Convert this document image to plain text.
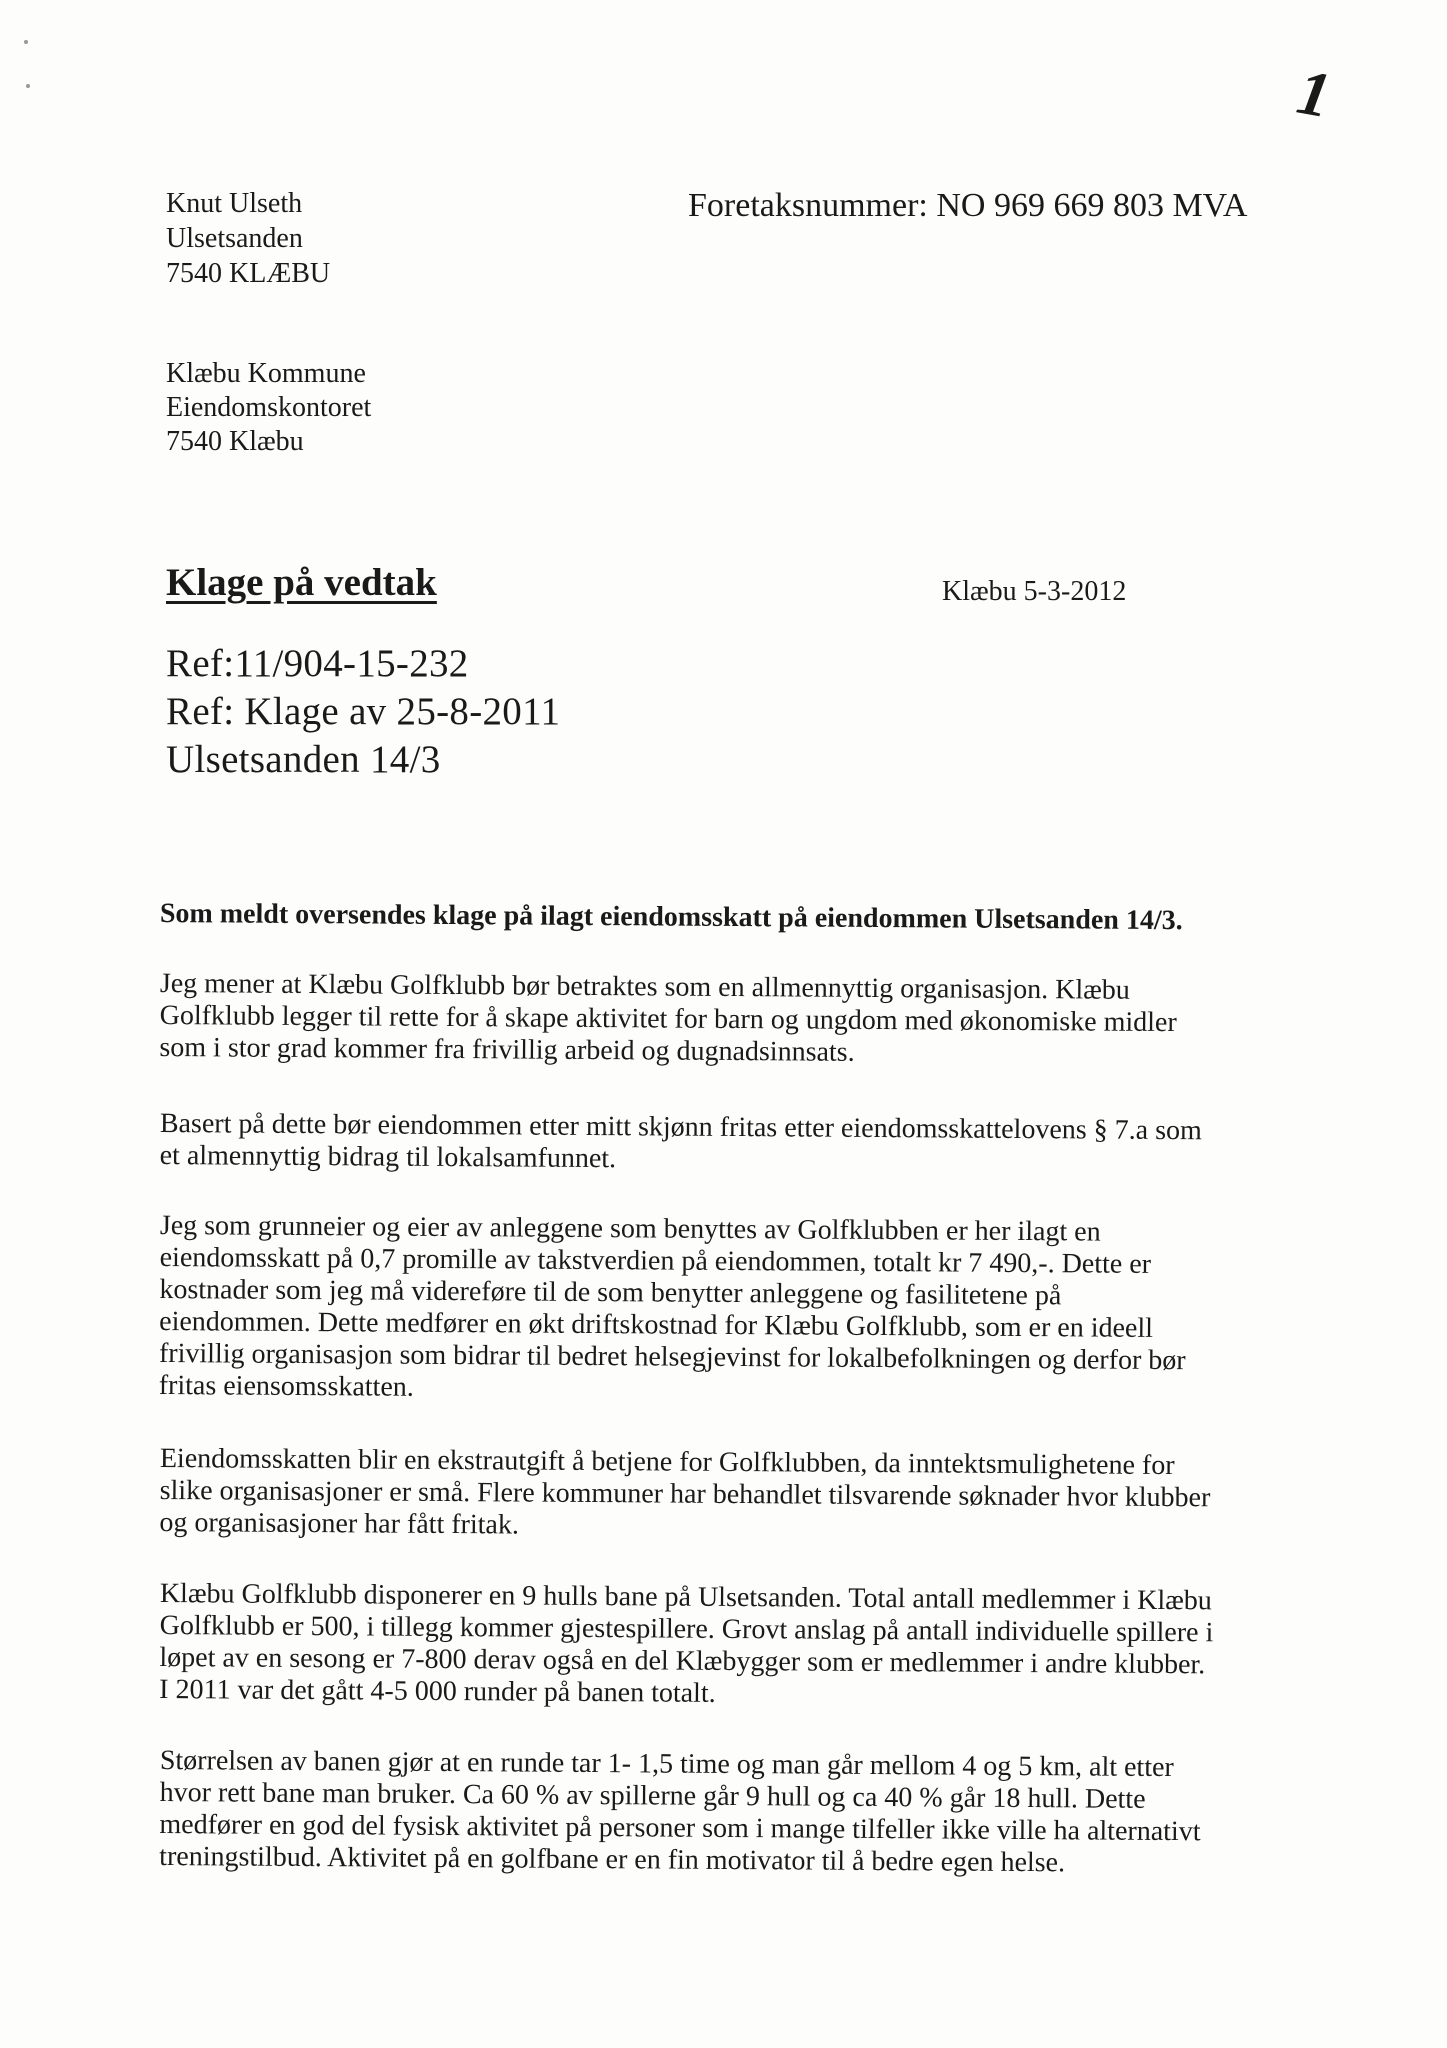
1
Knut Ulseth
Ulsetsanden
7540 KLÆBU
Foretaksnummer: NO 969 669 803 MVA
Klæbu Kommune
Eiendomskontoret
7540 Klæbu
Klage på vedtak	Klæbu 5-3-2012
Ref:11/904-15-232
Ref: Klage av 25-8-2011
Ulsetsanden 14/3
Som meldt oversendes klage på ilagt eiendomsskatt på eiendommen Ulsetsanden 14/3.
Jeg mener at Klæbu Golfklubb bør betraktes som en allmennyttig organisasjon. Klæbu
Golfklubb legger til rette for å skape aktivitet for barn og ungdom med økonomiske midler
som i stor grad kommer fra frivillig arbeid og dugnadsinnsats.
Basert på dette bør eiendommen etter mitt skjønn fritas etter eiendomsskattelovens § 7.a som
et almennyttig bidrag til lokalsamfunnet.
Jeg som grunneier og eier av anleggene som benyttes av Golfklubben er her ilagt en
eiendomsskatt på 0,7 promille av takstverdien på eiendommen, totalt kr 7 490,-. Dette er
kostnader som jeg må videreføre til de som benytter anleggene og fasilitetene på
eiendommen. Dette medfører en økt driftskostnad for Klæbu Golfklubb, som er en ideell
frivillig organisasjon som bidrar til bedret helsegjevinst for lokalbefolkningen og derfor bør
fritas eiensomsskatten.
Eiendomsskatten blir en ekstrautgift å betjene for Golfklubben, da inntektsmulighetene for
slike organisasjoner er små. Flere kommuner har behandlet tilsvarende søknader hvor klubber
og organisasjoner har fått fritak.
Klæbu Golfklubb disponerer en 9 hulls bane på Ulsetsanden. Total antall medlemmer i Klæbu
Golfklubb er 500, i tillegg kommer gjestespillere. Grovt anslag på antall individuelle spillere i
løpet av en sesong er 7-800 derav også en del Klæbygger som er medlemmer i andre klubber.
I 2011 var det gått 4-5 000 runder på banen totalt.
Størrelsen av banen gjør at en runde tar 1- 1,5 time og man går mellom 4 og 5 km, alt etter
hvor rett bane man bruker. Ca 60 % av spillerne går 9 hull og ca 40 % går 18 hull. Dette
medfører en god del fysisk aktivitet på personer som i mange tilfeller ikke ville ha alternativt
treningstilbud. Aktivitet på en golfbane er en fin motivator til å bedre egen helse.
